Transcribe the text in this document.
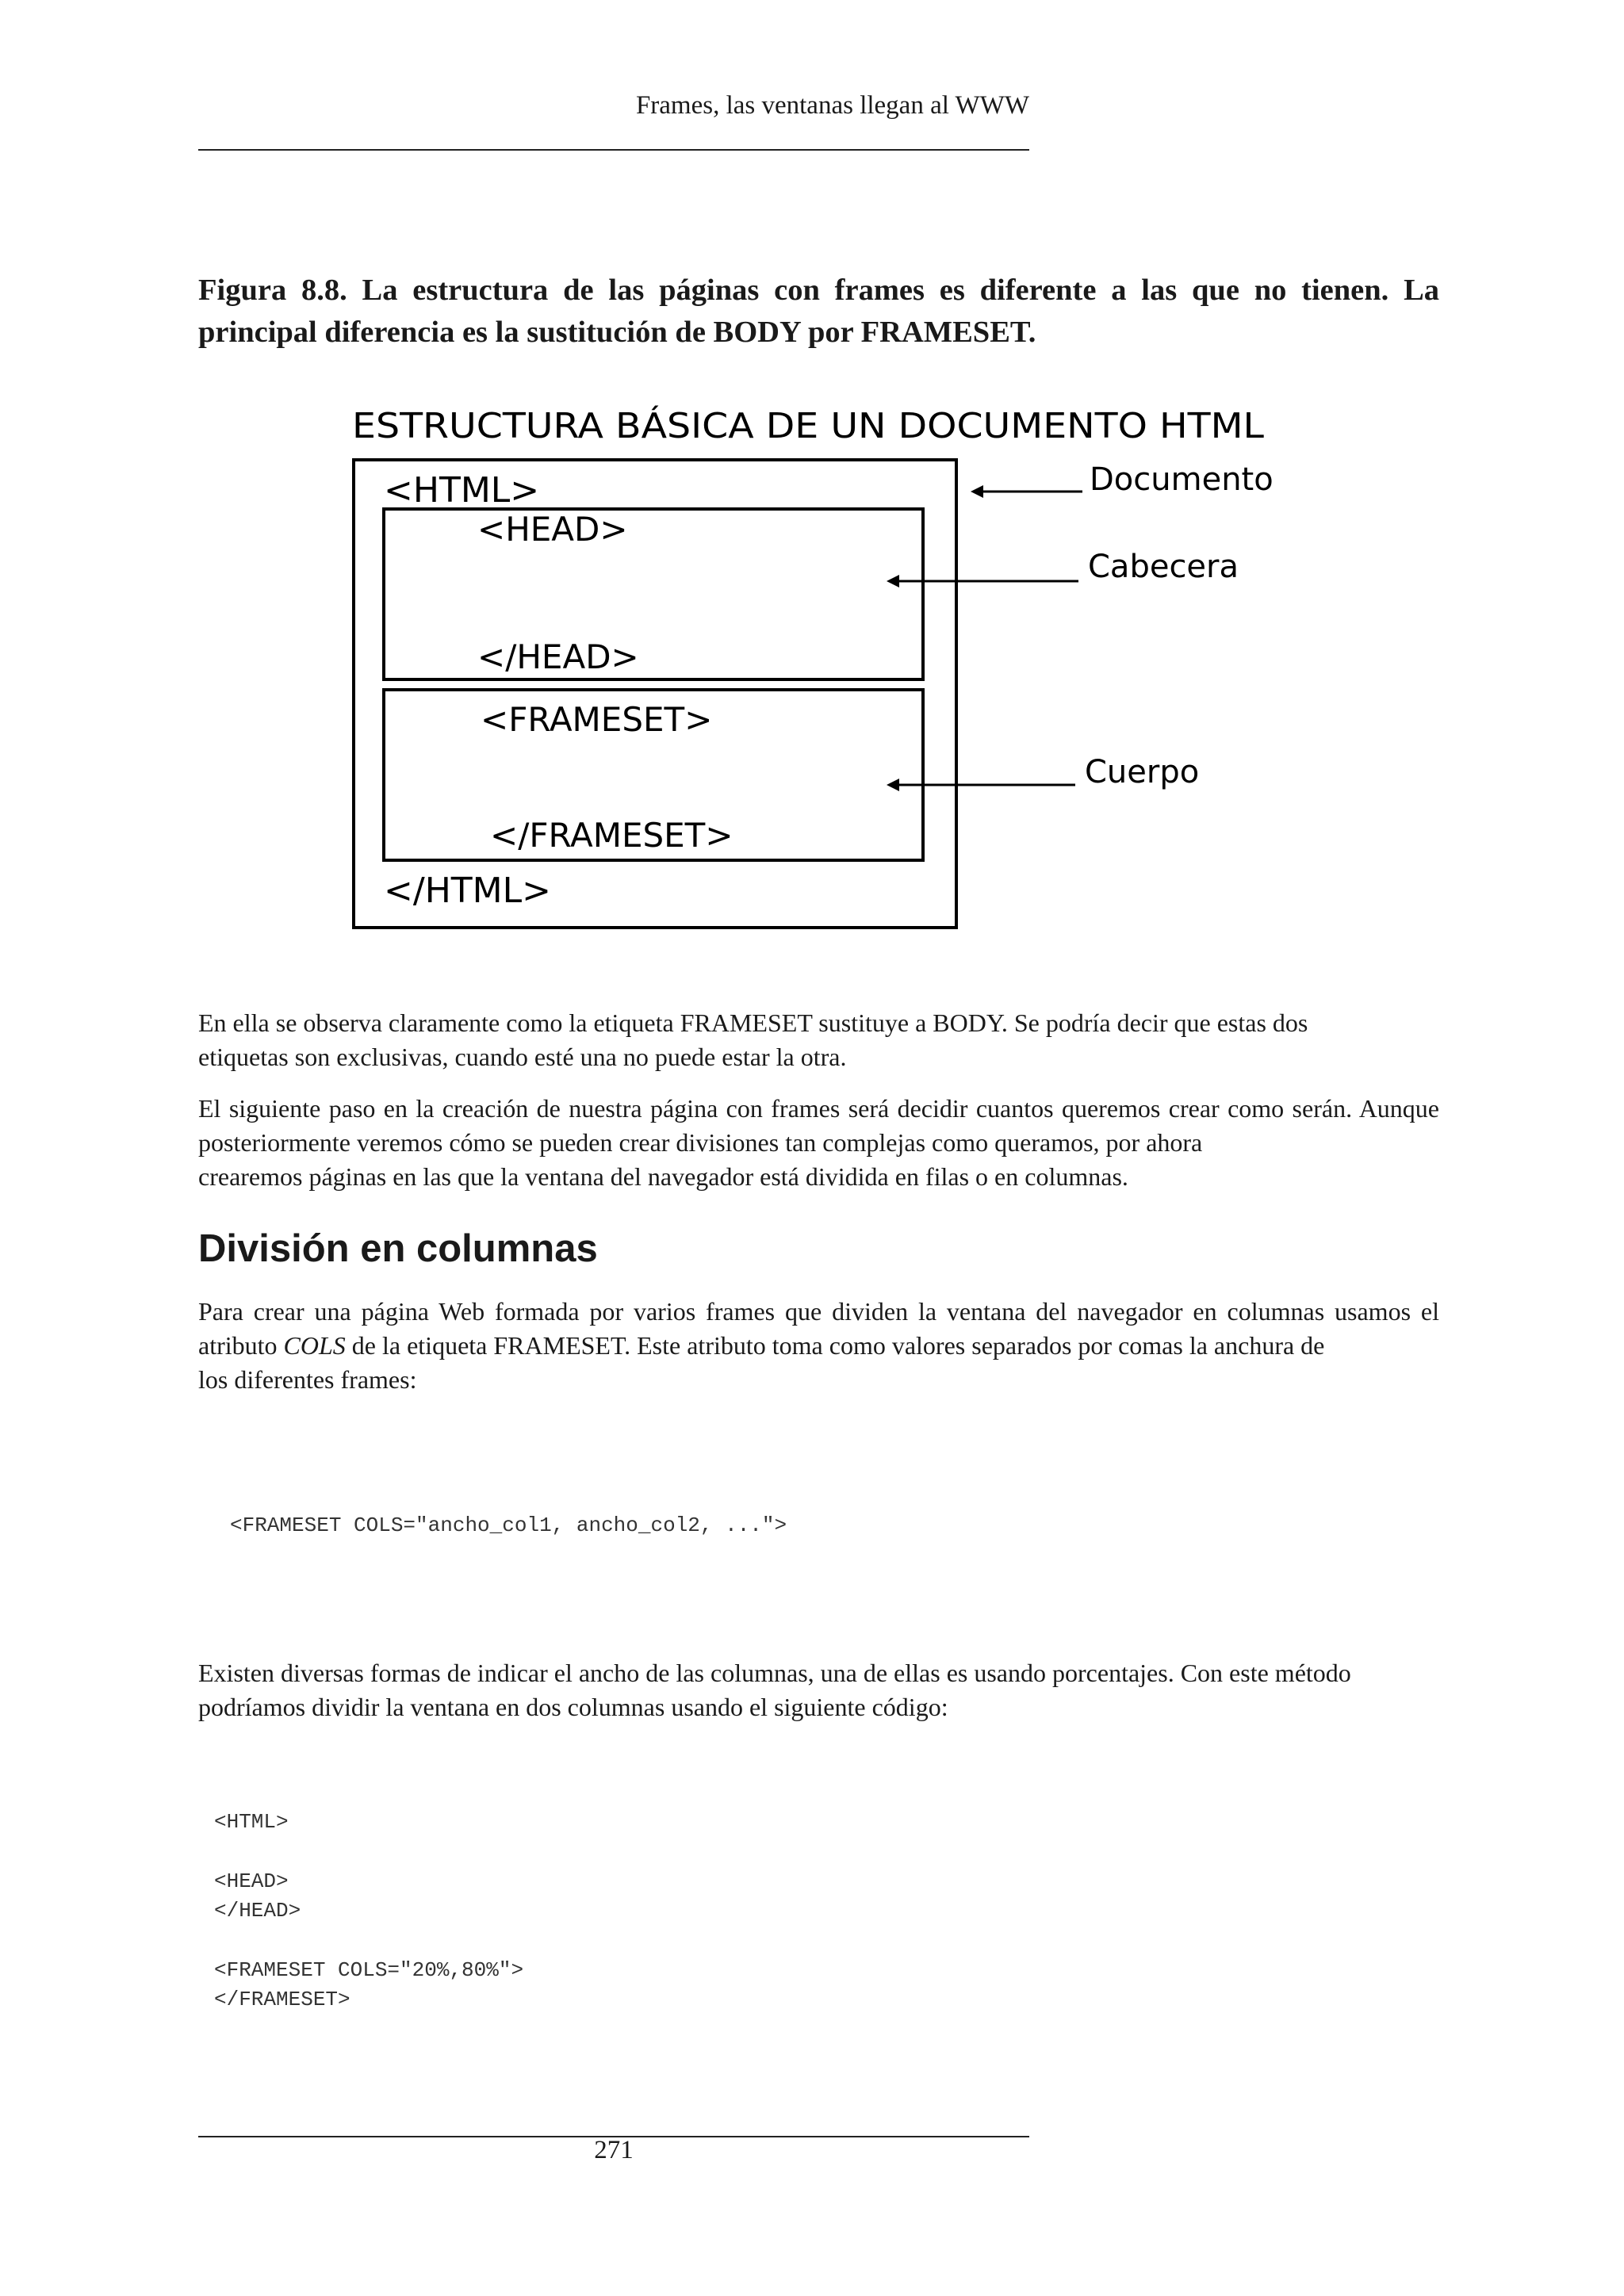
Frames, las ventanas llegan al WWW
Figura 8.8. La estructura de las páginas con frames es diferente a las que no tienen. La principal diferencia es la sustitución de BODY por FRAMESET.
ESTRUCTURA BÁSICA DE UN DOCUMENTO HTML
<HTML>
<HEAD>
</HEAD>
<FRAMESET>
</FRAMESET>
</HTML>
Documento
Cabecera
Cuerpo
En ella se observa claramente como la etiqueta FRAMESET sustituye a BODY. Se podría decir que estas dos
etiquetas son exclusivas, cuando esté una no puede estar la otra.
El siguiente paso en la creación de nuestra página con frames será decidir cuantos queremos crear como serán. Aunque posteriormente veremos cómo se pueden crear divisiones tan complejas como queramos, por ahora
crearemos páginas en las que la ventana del navegador está dividida en filas o en columnas.
División en columnas
Para crear una página Web formada por varios frames que dividen la ventana del navegador en columnas usamos el atributo COLS de la etiqueta FRAMESET. Este atributo toma como valores separados por comas la anchura de
los diferentes frames:
<FRAMESET COLS="ancho_col1, ancho_col2, ...">
Existen diversas formas de indicar el ancho de las columnas, una de ellas es usando porcentajes. Con este método
podríamos dividir la ventana en dos columnas usando el siguiente código:
<HTML>
<HEAD>
</HEAD>
<FRAMESET COLS="20%,80%">
</FRAMESET>
271
